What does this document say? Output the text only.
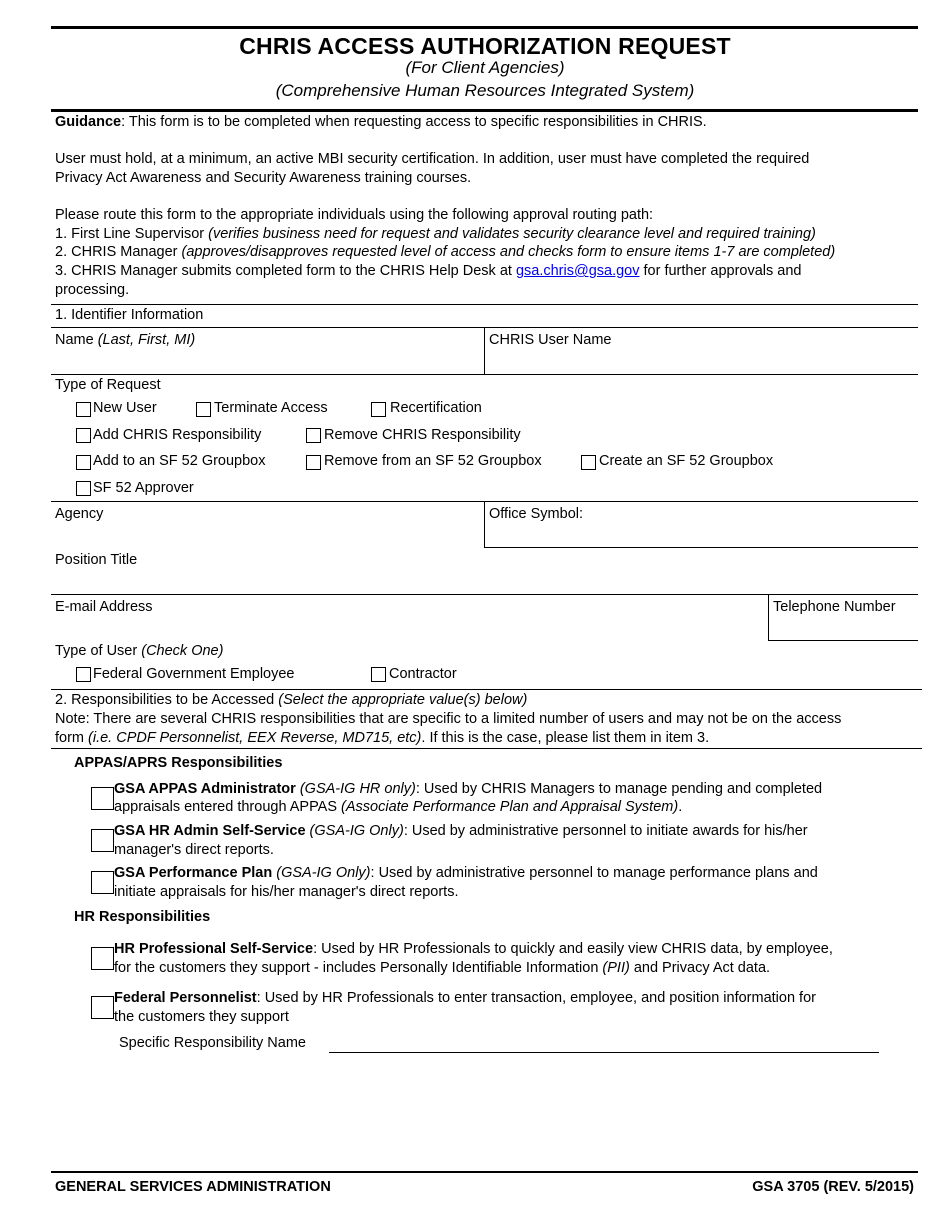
CHRIS ACCESS AUTHORIZATION REQUEST
(For Client Agencies)
(Comprehensive Human Resources Integrated System)
Guidance: This form is to be completed when requesting access to specific responsibilities in CHRIS.
User must hold, at a minimum, an active MBI security certification. In addition, user must have completed the required
Privacy Act Awareness and Security Awareness training courses.
Please route this form to the appropriate individuals using the following approval routing path:
1. First Line Supervisor (verifies business need for request and validates security clearance level and required training)
2. CHRIS Manager (approves/disapproves requested level of access and checks form to ensure items 1-7 are completed)
3. CHRIS Manager submits completed form to the CHRIS Help Desk at gsa.chris@gsa.gov for further approvals and
processing.
1. Identifier Information
Name (Last, First, MI)	CHRIS User Name
Type of Request
New User	Terminate Access	Recertification
Add CHRIS Responsibility	Remove CHRIS Responsibility
Add to an SF 52 Groupbox	Remove from an SF 52 Groupbox	Create an SF 52 Groupbox
SF 52 Approver
Agency	Office Symbol:
Position Title
E-mail Address	Telephone Number
Type of User (Check One)
Federal Government Employee	Contractor
2. Responsibilities to be Accessed (Select the appropriate value(s) below)
Note: There are several CHRIS responsibilities that are specific to a limited number of users and may not be on the access
form (i.e. CPDF Personnelist, EEX Reverse, MD715, etc). If this is the case, please list them in item 3.
APPAS/APRS Responsibilities
GSA APPAS Administrator (GSA-IG HR only): Used by CHRIS Managers to manage pending and completed
appraisals entered through APPAS (Associate Performance Plan and Appraisal System).
GSA HR Admin Self-Service (GSA-IG Only): Used by administrative personnel to initiate awards for his/her
manager's direct reports.
GSA Performance Plan (GSA-IG Only): Used by administrative personnel to manage performance plans and
initiate appraisals for his/her manager's direct reports.
HR Responsibilities
HR Professional Self-Service: Used by HR Professionals to quickly and easily view CHRIS data, by employee,
for the customers they support - includes Personally Identifiable Information (PII) and Privacy Act data.
Federal Personnelist: Used by HR Professionals to enter transaction, employee, and position information for
the customers they support
Specific Responsibility Name
GENERAL SERVICES ADMINISTRATION	GSA 3705 (REV. 5/2015)
